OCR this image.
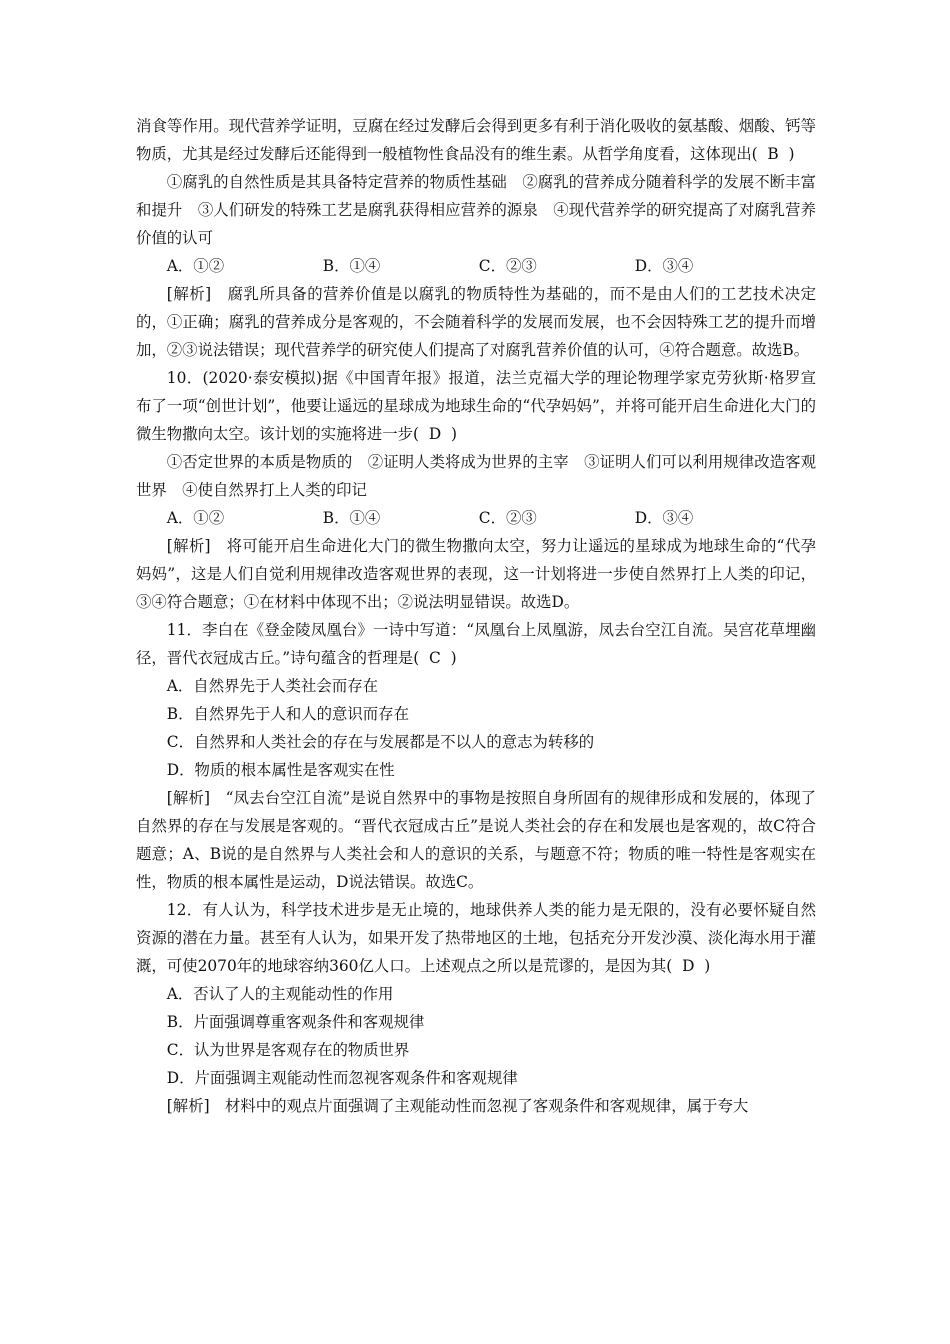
消食等作用。现代营养学证明，豆腐在经过发酵后会得到更多有利于消化吸收的氨基酸、烟酸、钙等物质，尤其是经过发酵后还能得到一般植物性食品没有的维生素。从哲学角度看，这体现出(  B  )

①腐乳的自然性质是其具备特定营养的物质性基础　②腐乳的营养成分随着科学的发展不断丰富和提升　③人们研发的特殊工艺是腐乳获得相应营养的源泉　④现代营养学的研究提高了对腐乳营养价值的认可

A．①②	B．①④	C．②③	D．③④

[解析]　腐乳所具备的营养价值是以腐乳的物质特性为基础的，而不是由人们的工艺技术决定的，①正确；腐乳的营养成分是客观的，不会随着科学的发展而发展，也不会因特殊工艺的提升而增加，②③说法错误；现代营养学的研究使人们提高了对腐乳营养价值的认可，④符合题意。故选B。

10．(2020·泰安模拟)据《中国青年报》报道，法兰克福大学的理论物理学家克劳狄斯·格罗宣布了一项“创世计划”，他要让遥远的星球成为地球生命的“代孕妈妈”，并将可能开启生命进化大门的微生物撒向太空。该计划的实施将进一步(  D  )

①否定世界的本质是物质的　②证明人类将成为世界的主宰　③证明人们可以利用规律改造客观世界　④使自然界打上人类的印记

A．①②	B．①④	C．②③	D．③④

[解析]　将可能开启生命进化大门的微生物撒向太空，努力让遥远的星球成为地球生命的“代孕妈妈”，这是人们自觉利用规律改造客观世界的表现，这一计划将进一步使自然界打上人类的印记，③④符合题意；①在材料中体现不出；②说法明显错误。故选D。

11．李白在《登金陵凤凰台》一诗中写道：“凤凰台上凤凰游，凤去台空江自流。吴宫花草埋幽径，晋代衣冠成古丘。”诗句蕴含的哲理是(  C  )

A．自然界先于人类社会而存在

B．自然界先于人和人的意识而存在

C．自然界和人类社会的存在与发展都是不以人的意志为转移的

D．物质的根本属性是客观实在性

[解析]　“凤去台空江自流”是说自然界中的事物是按照自身所固有的规律形成和发展的，体现了自然界的存在与发展是客观的。“晋代衣冠成古丘”是说人类社会的存在和发展也是客观的，故C符合题意；A、B说的是自然界与人类社会和人的意识的关系，与题意不符；物质的唯一特性是客观实在性，物质的根本属性是运动，D说法错误。故选C。

12．有人认为，科学技术进步是无止境的，地球供养人类的能力是无限的，没有必要怀疑自然资源的潜在力量。甚至有人认为，如果开发了热带地区的土地，包括充分开发沙漠、淡化海水用于灌溉，可使2070年的地球容纳360亿人口。上述观点之所以是荒谬的，是因为其(  D  )

A．否认了人的主观能动性的作用

B．片面强调尊重客观条件和客观规律

C．认为世界是客观存在的物质世界

D．片面强调主观能动性而忽视客观条件和客观规律

[解析]　材料中的观点片面强调了主观能动性而忽视了客观条件和客观规律，属于夸大
